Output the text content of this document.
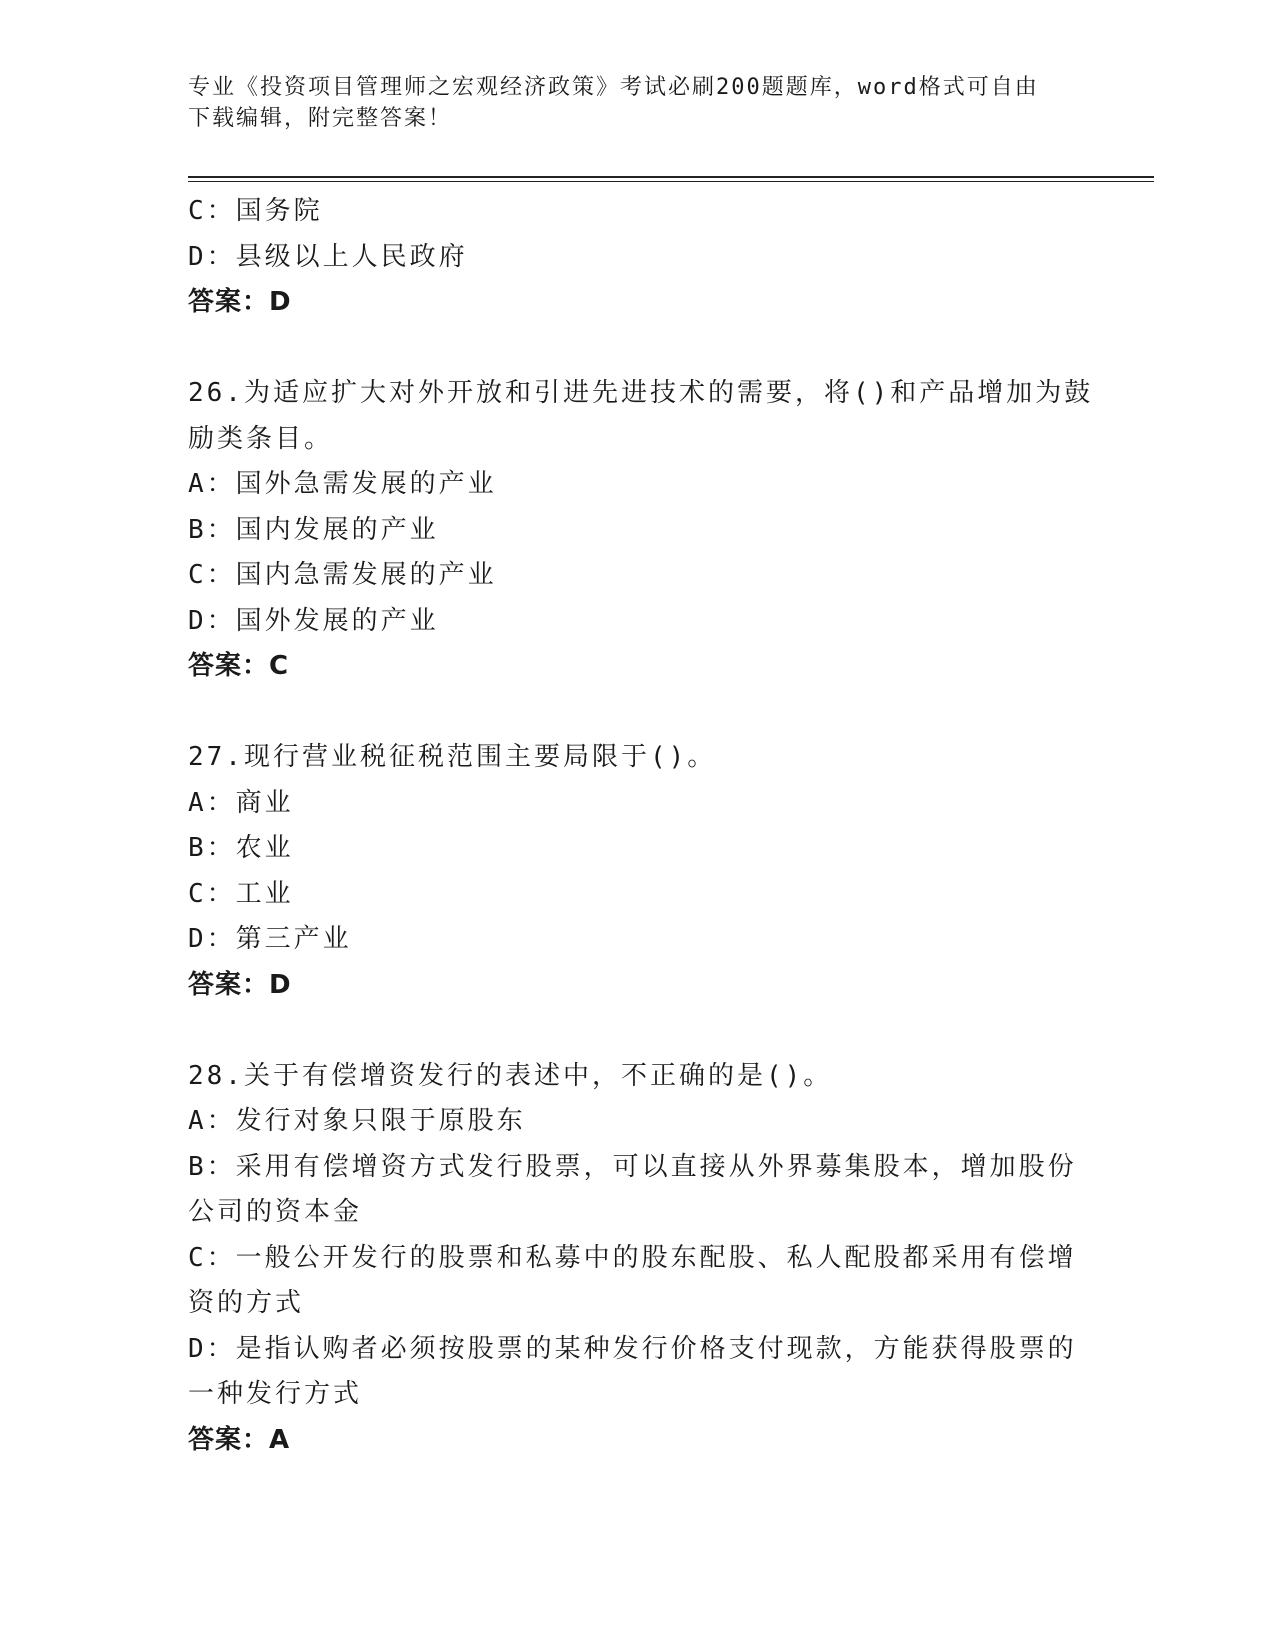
专业《投资项目管理师之宏观经济政策》考试必刷200题题库，word格式可自由
下载编辑，附完整答案！
C：国务院
D：县级以上人民政府
答案：D
26.为适应扩大对外开放和引进先进技术的需要，将()和产品增加为鼓
励类条目。
A：国外急需发展的产业
B：国内发展的产业
C：国内急需发展的产业
D：国外发展的产业
答案：C
27.现行营业税征税范围主要局限于()。
A：商业
B：农业
C：工业
D：第三产业
答案：D
28.关于有偿增资发行的表述中，不正确的是()。
A：发行对象只限于原股东
B：采用有偿增资方式发行股票，可以直接从外界募集股本，增加股份
公司的资本金
C：一般公开发行的股票和私募中的股东配股、私人配股都采用有偿增
资的方式
D：是指认购者必须按股票的某种发行价格支付现款，方能获得股票的
一种发行方式
答案：A
